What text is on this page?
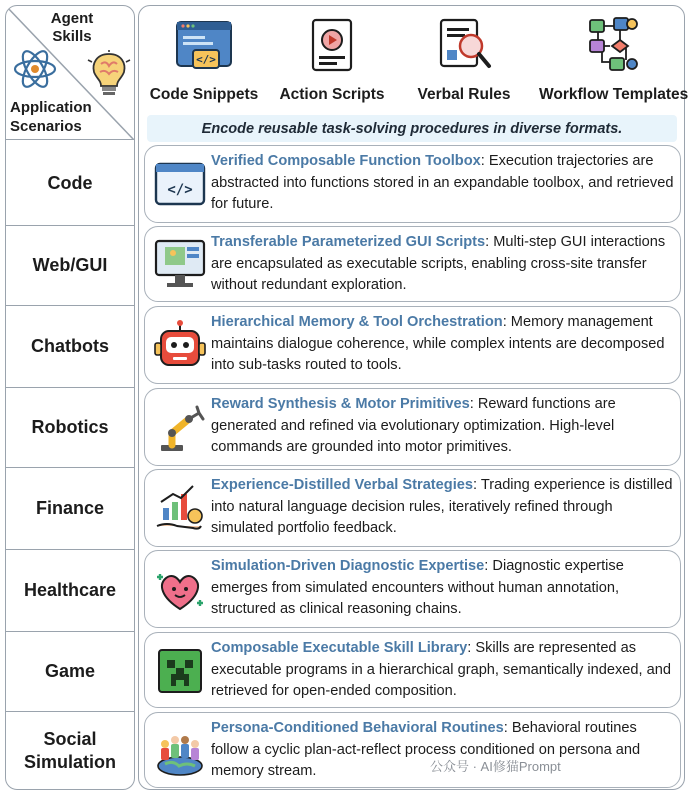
Agent Skills
Application Scenarios
Code
Web/GUI
Chatbots
Robotics
Finance
Healthcare
Game
Social Simulation
</>
Code Snippets	Action Scripts	Verbal Rules	Workflow Templates
Encode reusable task-solving procedures in diverse formats.
</>
Verified Composable Function Toolbox: Execution trajectories are abstracted into functions stored in an expandable toolbox, and retrieved for future.
Transferable Parameterized GUI Scripts: Multi-step GUI interactions are encapsulated as executable scripts, enabling cross-site transfer without redundant exploration.
Hierarchical Memory & Tool Orchestration: Memory management maintains dialogue coherence, while complex intents are decomposed into sub-tasks routed to tools.
Reward Synthesis & Motor Primitives: Reward functions are generated and refined via evolutionary optimization. High-level commands are grounded into motor primitives.
Experience-Distilled Verbal Strategies: Trading experience is distilled into natural language decision rules, iteratively refined through simulated portfolio feedback.
Simulation-Driven Diagnostic Expertise: Diagnostic expertise emerges from simulated encounters without human annotation, structured as clinical reasoning chains.
Composable Executable Skill Library: Skills are represented as executable programs in a hierarchical graph, semantically indexed, and retrieved for open-ended composition.
Persona-Conditioned Behavioral Routines: Behavioral routines follow a cyclic plan-act-reflect process conditioned on persona and memory stream.	公众号 · AI修猫Prompt
